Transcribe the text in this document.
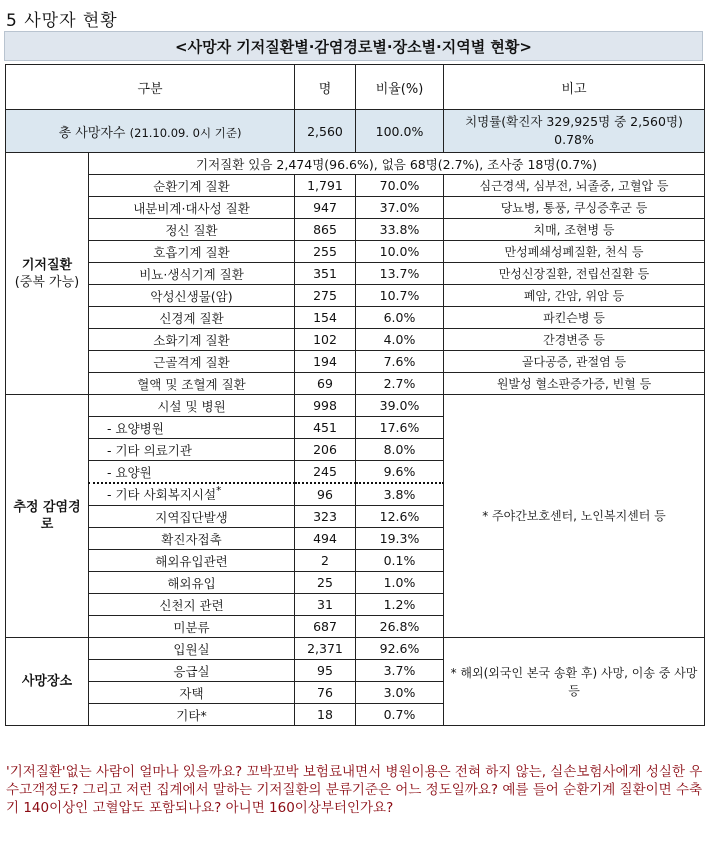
5 사망자 현황
<사망자 기저질환별·감염경로별·장소별·지역별 현황>
구분		명	비율(%)	비고
총 사망자수 (21.10.09. 0시 기준)		2,560	100.0%	치명률(확진자 329,925명 중 2,560명) 0.78%
기저질환
(중복 가능)	기저질환 있음 2,474명(96.6%), 없음 68명(2.7%), 조사중 18명(0.7%)			
	순환기계 질환	1,791	70.0%	심근경색, 심부전, 뇌졸중, 고혈압 등
	내분비계·대사성 질환	947	37.0%	당뇨병, 통풍, 쿠싱증후군 등
	정신 질환	865	33.8%	치매, 조현병 등
	호흡기계 질환	255	10.0%	만성폐쇄성폐질환, 천식 등
	비뇨·생식기계 질환	351	13.7%	만성신장질환, 전립선질환 등
	악성신생물(암)	275	10.7%	폐암, 간암, 위암 등
	신경계 질환	154	6.0%	파킨슨병 등
	소화기계 질환	102	4.0%	간경변증 등
	근골격계 질환	194	7.6%	골다공증, 관절염 등
	혈액 및 조혈계 질환	69	2.7%	원발성 혈소판증가증, 빈혈 등
추정 감염경로	시설 및 병원	998	39.0%	* 주야간보호센터, 노인복지센터 등
	- 요양병원	451	17.6%	
	- 기타 의료기관	206	8.0%	
	- 요양원	245	9.6%	
	- 기타 사회복지시설*	96	3.8%	
	지역집단발생	323	12.6%	
	확진자접촉	494	19.3%	
	해외유입관련	2	0.1%	
	해외유입	25	1.0%	
	신천지 관련	31	1.2%	
	미분류	687	26.8%	
사망장소	입원실	2,371	92.6%	* 해외(외국인 본국 송환 후) 사망, 이송 중 사망 등
	응급실	95	3.7%	
	자택	76	3.0%	
	기타*	18	0.7%	
'기저질환'없는 사람이 얼마나 있을까요? 꼬박꼬박 보험료내면서 병원이용은 전혀 하지 않는, 실손보험사에게 성실한 우수고객정도? 그리고 저런 집계에서 말하는 기저질환의 분류기준은 어느 정도일까요? 예를 들어 순환기계 질환이면 수축기 140이상인 고혈압도 포함되나요? 아니면 160이상부터인가요?
